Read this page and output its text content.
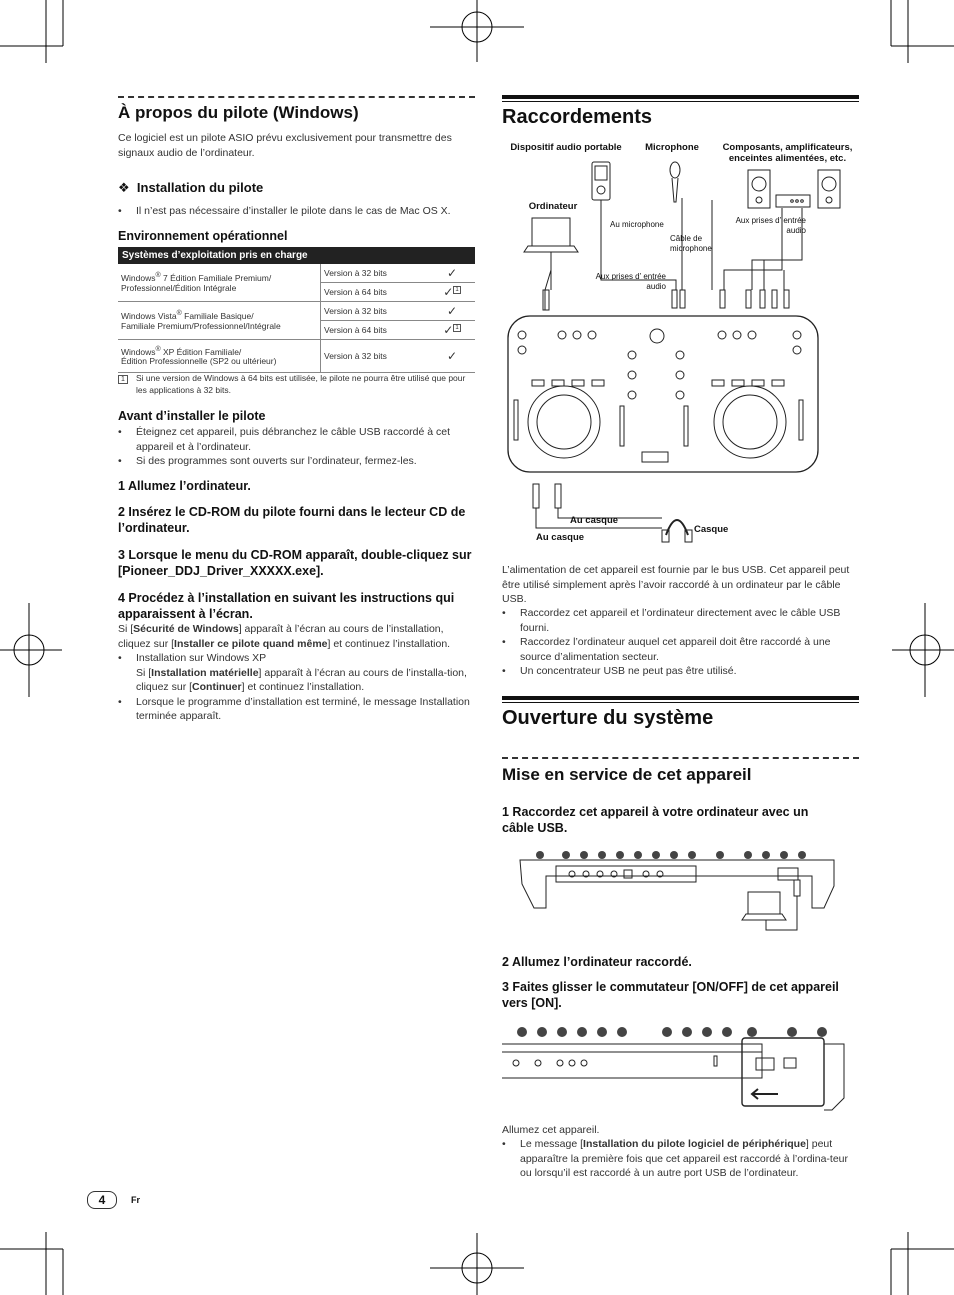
À propos du pilote (Windows)
Ce logiciel est un pilote ASIO prévu exclusivement pour transmettre des signaux audio de l’ordinateur.
❖ Installation du pilote
•	Il n’est pas nécessaire d’installer le pilote dans le cas de Mac OS X.
Environnement opérationnel
Systèmes d’exploitation pris en charge
Windows® 7 Édition Familiale Premium/
Professionnel/Édition Intégrale	Version à 32 bits	✓
	Version à 64 bits	✓ $^1$
Windows Vista® Familiale Basique/
Familiale Premium/Professionnel/Intégrale	Version à 32 bits	✓
	Version à 64 bits	✓ $^1$
Windows® XP Édition Familiale/
Édition Professionnelle (SP2 ou ultérieur)	Version à 32 bits	✓
1	Si une version de Windows à 64 bits est utilisée, le pilote ne pourra être utilisé que pour les applications à 32 bits.
Avant d’installer le pilote
•	Éteignez cet appareil, puis débranchez le câble USB raccordé à cet appareil et à l’ordinateur.
•	Si des programmes sont ouverts sur l’ordinateur, fermez-les.
1 Allumez l’ordinateur.
2 Insérez le CD-ROM du pilote fourni dans le lecteur CD de l’ordinateur.
3 Lorsque le menu du CD-ROM apparaît, double-cliquez sur [Pioneer_DDJ_Driver_XXXXX.exe].
4 Procédez à l’installation en suivant les instructions qui apparaissent à l’écran.
Si [Sécurité de Windows] apparaît à l’écran au cours de l’installation, cliquez sur [Installer ce pilote quand même] et continuez l’installation.
•	Installation sur Windows XP
Si [Installation matérielle] apparaît à l’écran au cours de l’installa-tion, cliquez sur [Continuer] et continuez l’installation.
•	Lorsque le programme d’installation est terminé, le message Installation terminée apparaît.
Raccordements
Dispositif audio portable	Microphone	Composants, amplificateurs, enceintes alimentées, etc.
Ordinateur
Au microphone
Câble de microphone
Aux prises d’ entrée audio
Aux prises d’ entrée audio
Au casque
Au casque
Casque
L’alimentation de cet appareil est fournie par le bus USB. Cet appareil peut être utilisé simplement après l’avoir raccordé à un ordinateur par le câble USB.
•	Raccordez cet appareil et l’ordinateur directement avec le câble USB fourni.
•	Raccordez l’ordinateur auquel cet appareil doit être raccordé à une source d’alimentation secteur.
•	Un concentrateur USB ne peut pas être utilisé.
Ouverture du système
Mise en service de cet appareil
1 Raccordez cet appareil à votre ordinateur avec un câble USB.
2 Allumez l’ordinateur raccordé.
3 Faites glisser le commutateur [ON/OFF] de cet appareil vers [ON].
Allumez cet appareil.
•	Le message [Installation du pilote logiciel de périphérique] peut apparaître la première fois que cet appareil est raccordé à l’ordina-teur ou lorsqu’il est raccordé à un autre port USB de l’ordinateur.
4	Fr
